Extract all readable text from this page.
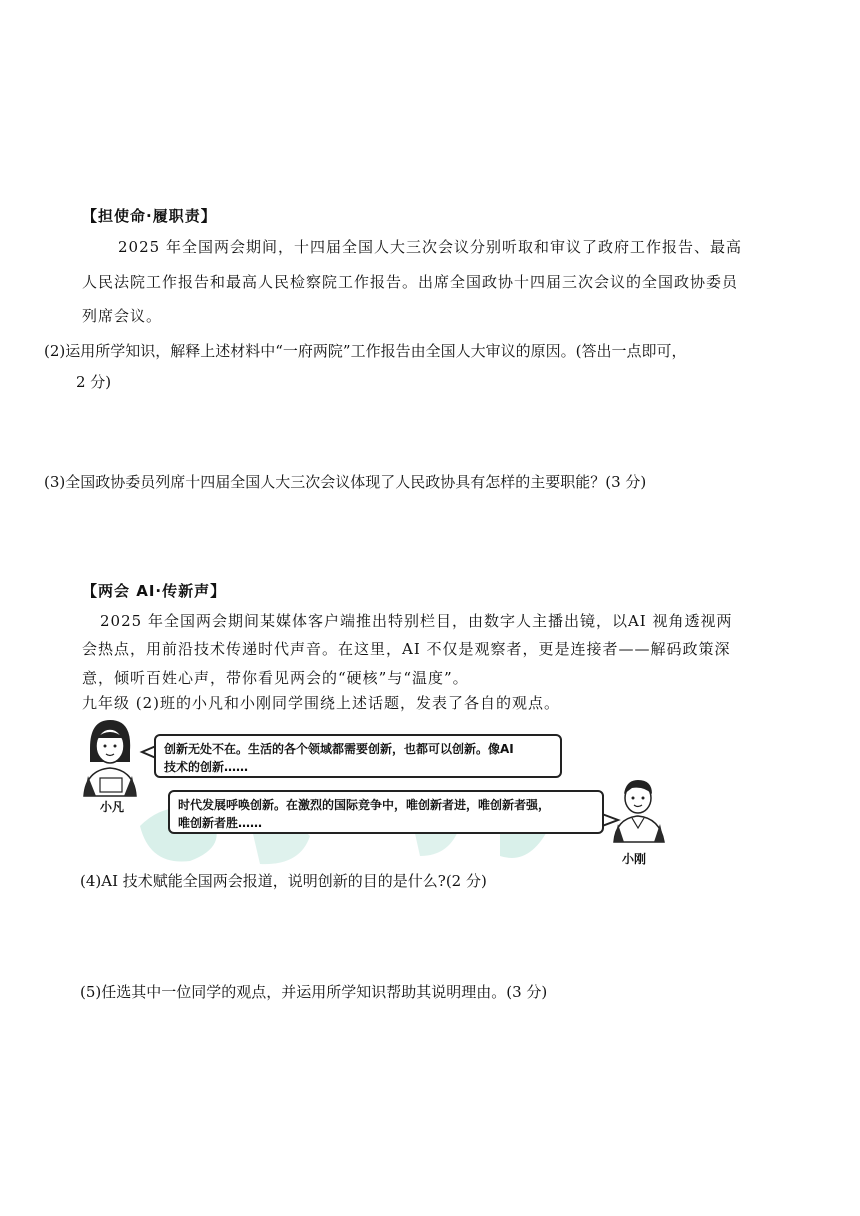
【担使命·履职责】
2025 年全国两会期间，十四届全国人大三次会议分别听取和审议了政府工作报告、最高
人民法院工作报告和最高人民检察院工作报告。出席全国政协十四届三次会议的全国政协委员
列席会议。
(2)运用所学知识，解释上述材料中“一府两院”工作报告由全国人大审议的原因。(答出一点即可，
2 分)
(3)全国政协委员列席十四届全国人大三次会议体现了人民政协具有怎样的主要职能？(3 分)
【两会 AI·传新声】
2025 年全国两会期间某媒体客户端推出特别栏目，由数字人主播出镜，以AI 视角透视两
会热点，用前沿技术传递时代声音。在这里，AI 不仅是观察者，更是连接者——解码政策深
意，倾听百姓心声，带你看见两会的“硬核”与“温度”。
九年级 (2)班的小凡和小刚同学围绕上述话题，发表了各自的观点。
创新无处不在。生活的各个领域都需要创新，也都可以创新。像AI
技术的创新……
时代发展呼唤创新。在激烈的国际竞争中，唯创新者进，唯创新者强，
唯创新者胜……
小凡
小刚
(4)AI 技术赋能全国两会报道，说明创新的目的是什么?(2 分)
(5)任选其中一位同学的观点，并运用所学知识帮助其说明理由。(3 分)
